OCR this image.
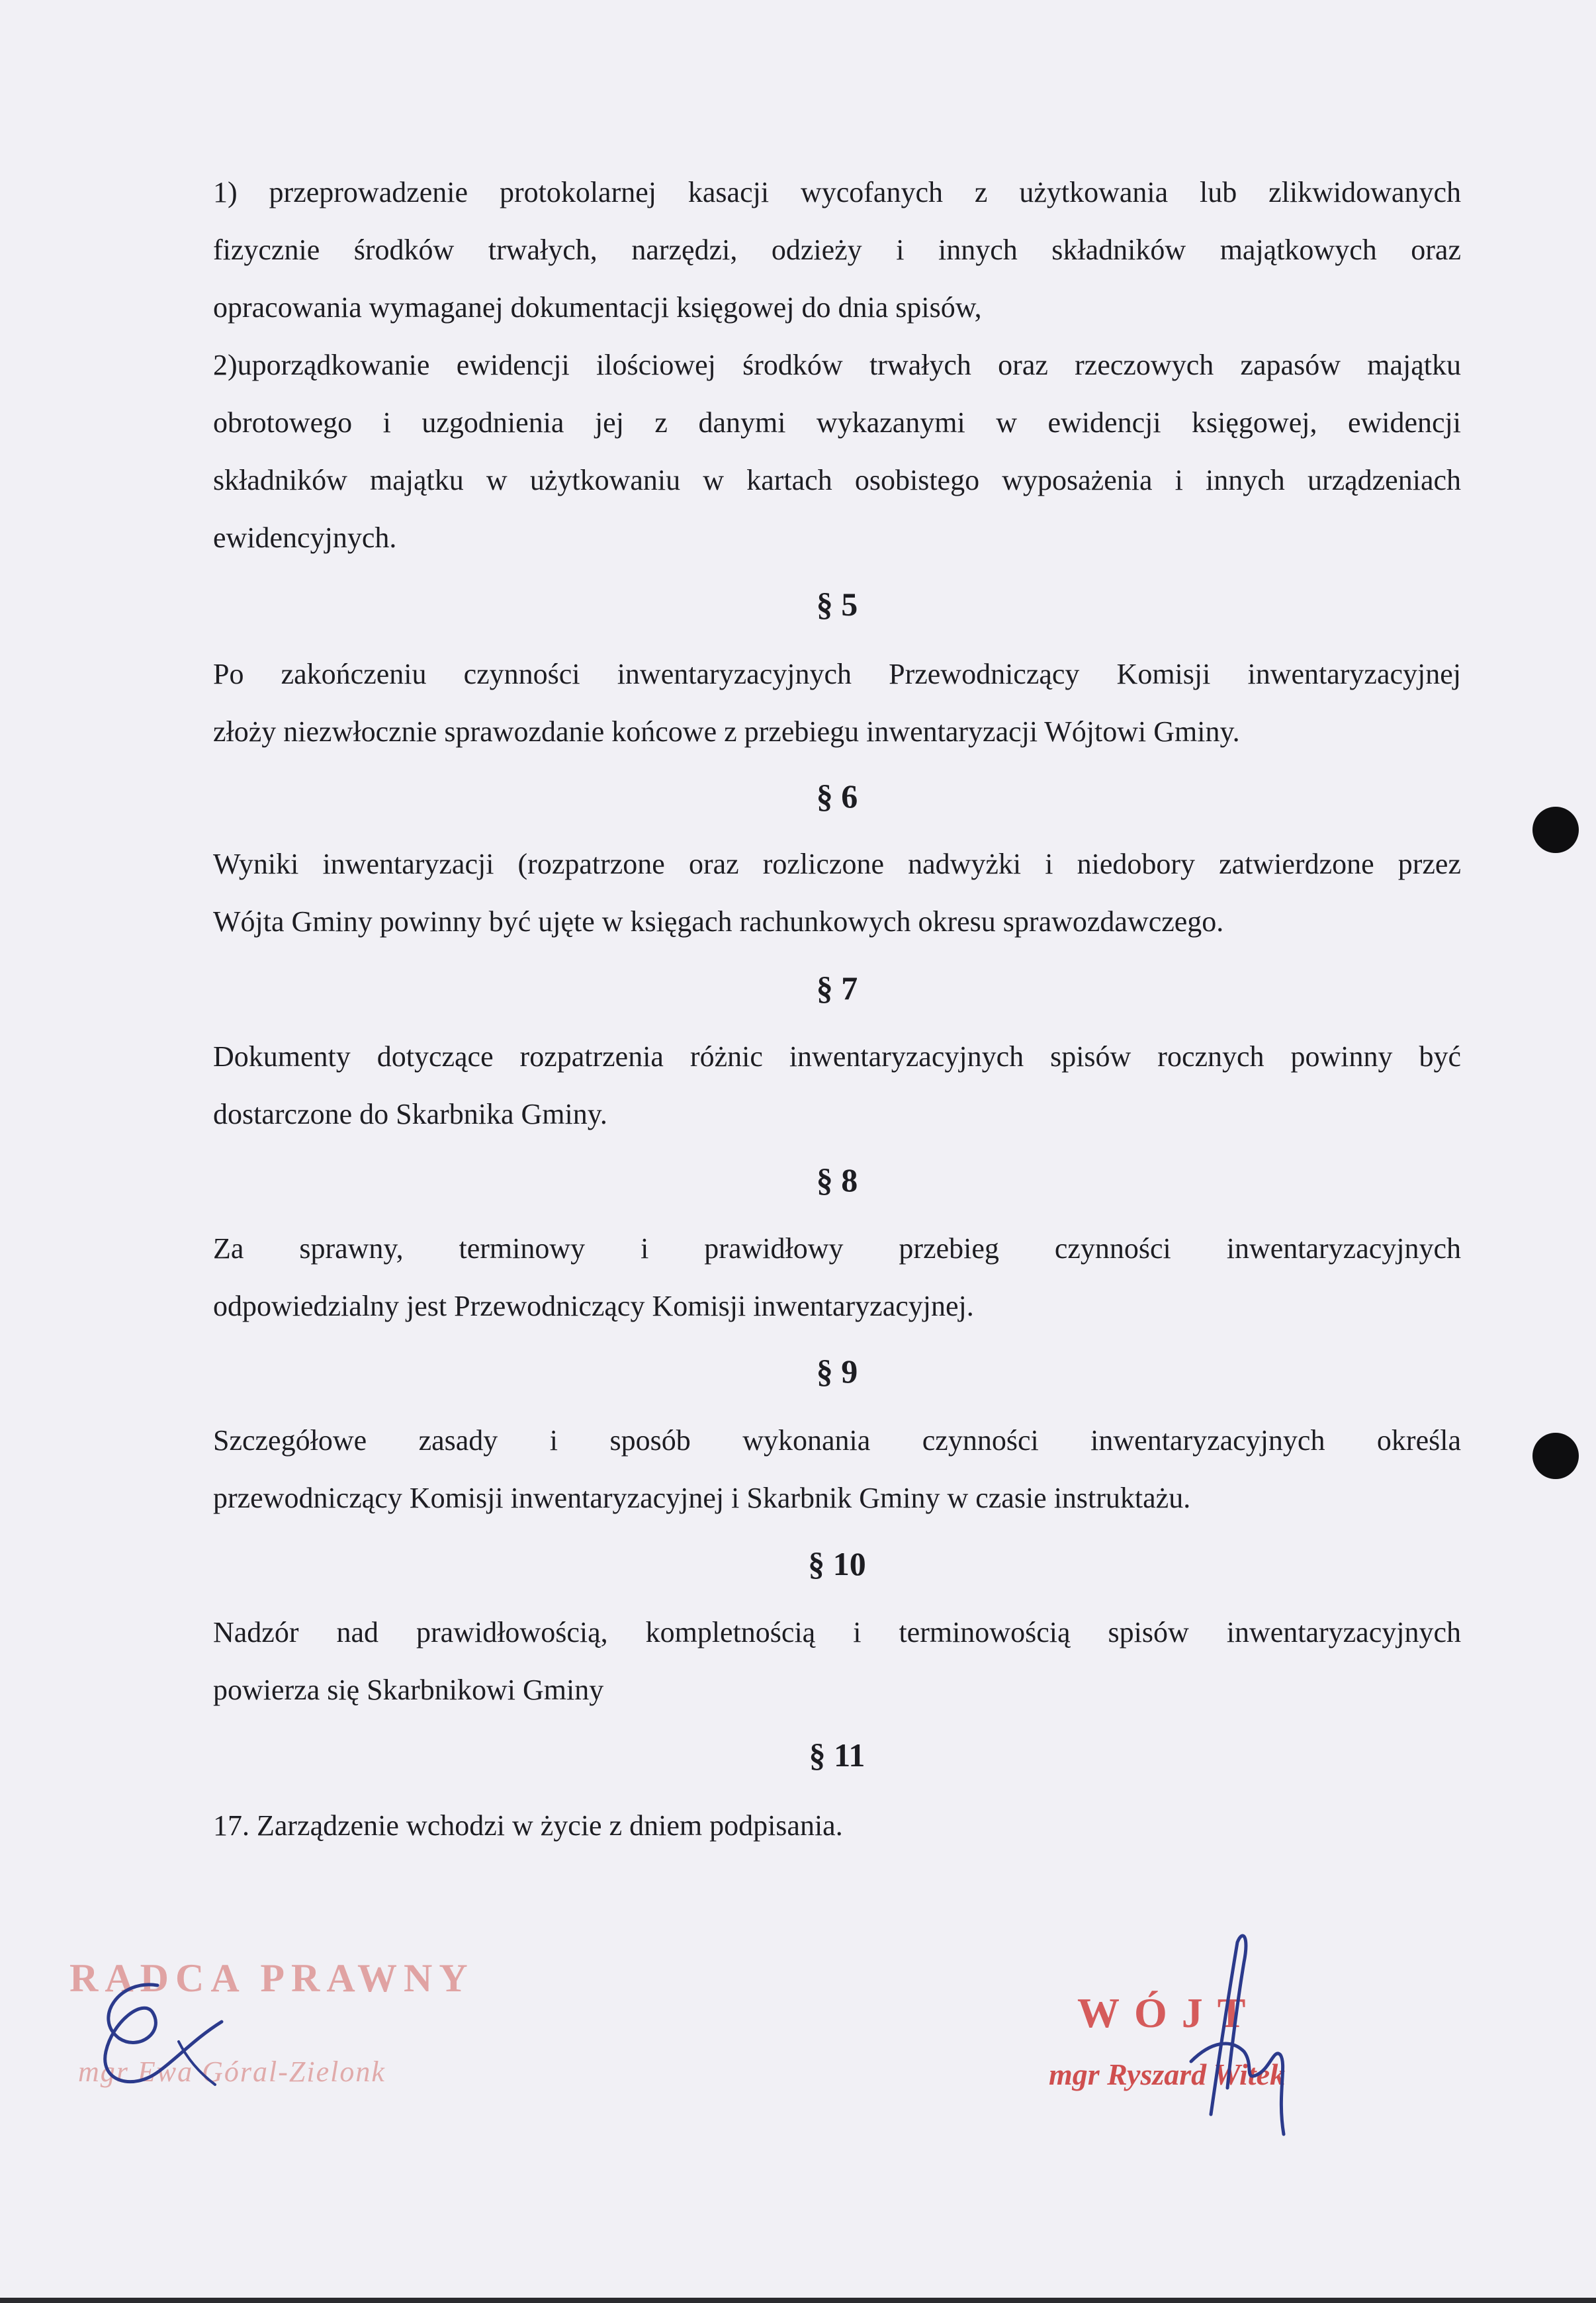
1) przeprowadzenie protokolarnej kasacji wycofanych z użytkowania lub zlikwidowanych
fizycznie środków trwałych, narzędzi, odzieży i innych składników majątkowych oraz
opracowania wymaganej dokumentacji księgowej do dnia spisów,
2)uporządkowanie ewidencji ilościowej środków trwałych oraz rzeczowych zapasów majątku
obrotowego i uzgodnienia jej z danymi wykazanymi w ewidencji księgowej, ewidencji
składników majątku w użytkowaniu w kartach osobistego wyposażenia i innych urządzeniach
ewidencyjnych.
§ 5
Po zakończeniu czynności inwentaryzacyjnych Przewodniczący Komisji inwentaryzacyjnej
złoży niezwłocznie sprawozdanie końcowe z przebiegu inwentaryzacji Wójtowi Gminy.
§ 6
Wyniki inwentaryzacji (rozpatrzone oraz rozliczone nadwyżki i niedobory zatwierdzone przez
Wójta Gminy powinny być ujęte w księgach rachunkowych okresu sprawozdawczego.
§ 7
Dokumenty dotyczące rozpatrzenia różnic inwentaryzacyjnych spisów rocznych powinny być
dostarczone do Skarbnika Gminy.
§ 8
Za sprawny, terminowy i prawidłowy przebieg czynności inwentaryzacyjnych
odpowiedzialny jest Przewodniczący Komisji inwentaryzacyjnej.
§ 9
Szczegółowe zasady i sposób wykonania czynności inwentaryzacyjnych określa
przewodniczący Komisji inwentaryzacyjnej i Skarbnik Gminy w czasie instruktażu.
§ 10
Nadzór nad prawidłowością, kompletnością i terminowością spisów inwentaryzacyjnych
powierza się Skarbnikowi Gminy
§ 11
17. Zarządzenie wchodzi w życie z dniem podpisania.
RADCA PRAWNY
mgr Ewa Góral-Zielonk
WÓJT
mgr Ryszard Witek
